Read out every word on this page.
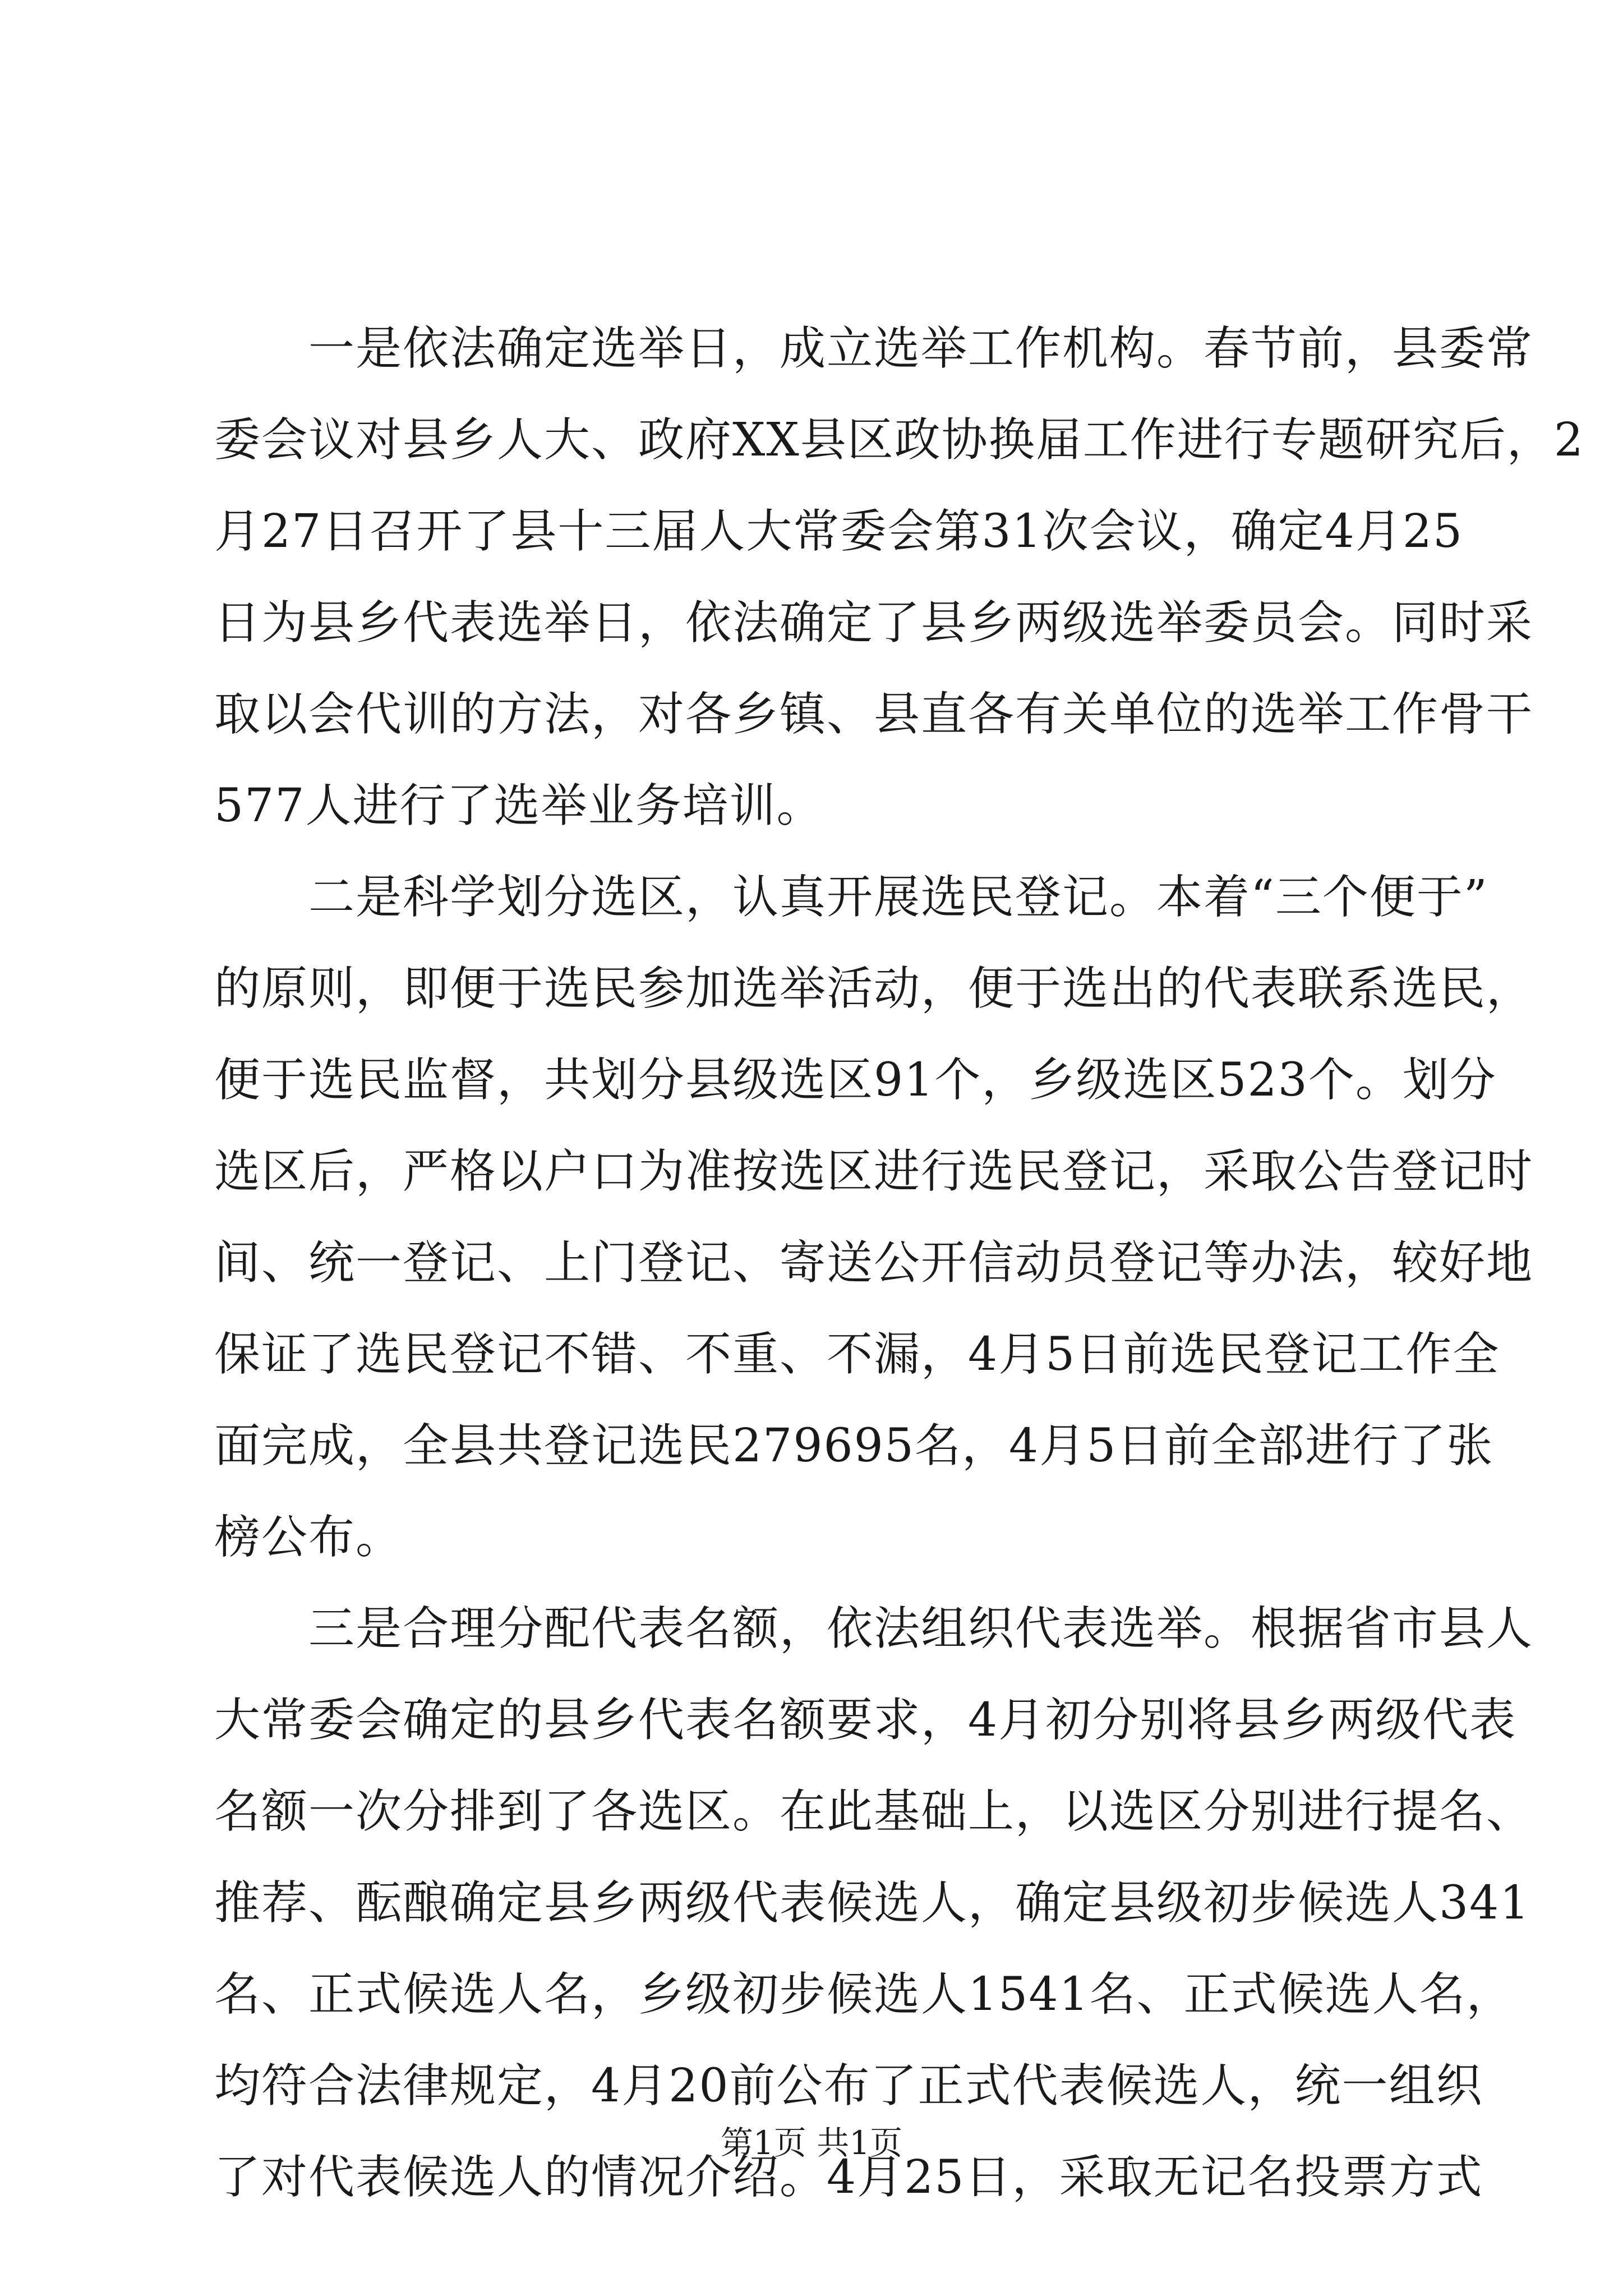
　　一是依法确定选举日，成立选举工作机构。春节前，县委常
委会议对县乡人大、政府XX县区政协换届工作进行专题研究后，2
月27日召开了县十三届人大常委会第31次会议，确定4月25
日为县乡代表选举日，依法确定了县乡两级选举委员会。同时采
取以会代训的方法，对各乡镇、县直各有关单位的选举工作骨干
577人进行了选举业务培训。
　　二是科学划分选区，认真开展选民登记。本着“三个便于”
的原则，即便于选民参加选举活动，便于选出的代表联系选民，
便于选民监督，共划分县级选区91个，乡级选区523个。划分
选区后，严格以户口为准按选区进行选民登记，采取公告登记时
间、统一登记、上门登记、寄送公开信动员登记等办法，较好地
保证了选民登记不错、不重、不漏，4月5日前选民登记工作全
面完成，全县共登记选民279695名，4月5日前全部进行了张
榜公布。
　　三是合理分配代表名额，依法组织代表选举。根据省市县人
大常委会确定的县乡代表名额要求，4月初分别将县乡两级代表
名额一次分排到了各选区。在此基础上，以选区分别进行提名、
推荐、酝酿确定县乡两级代表候选人，确定县级初步候选人341
名、正式候选人名，乡级初步候选人1541名、正式候选人名，
均符合法律规定，4月20前公布了正式代表候选人，统一组织
了对代表候选人的情况介绍。4月25日，采取无记名投票方式
第1页 共1页
